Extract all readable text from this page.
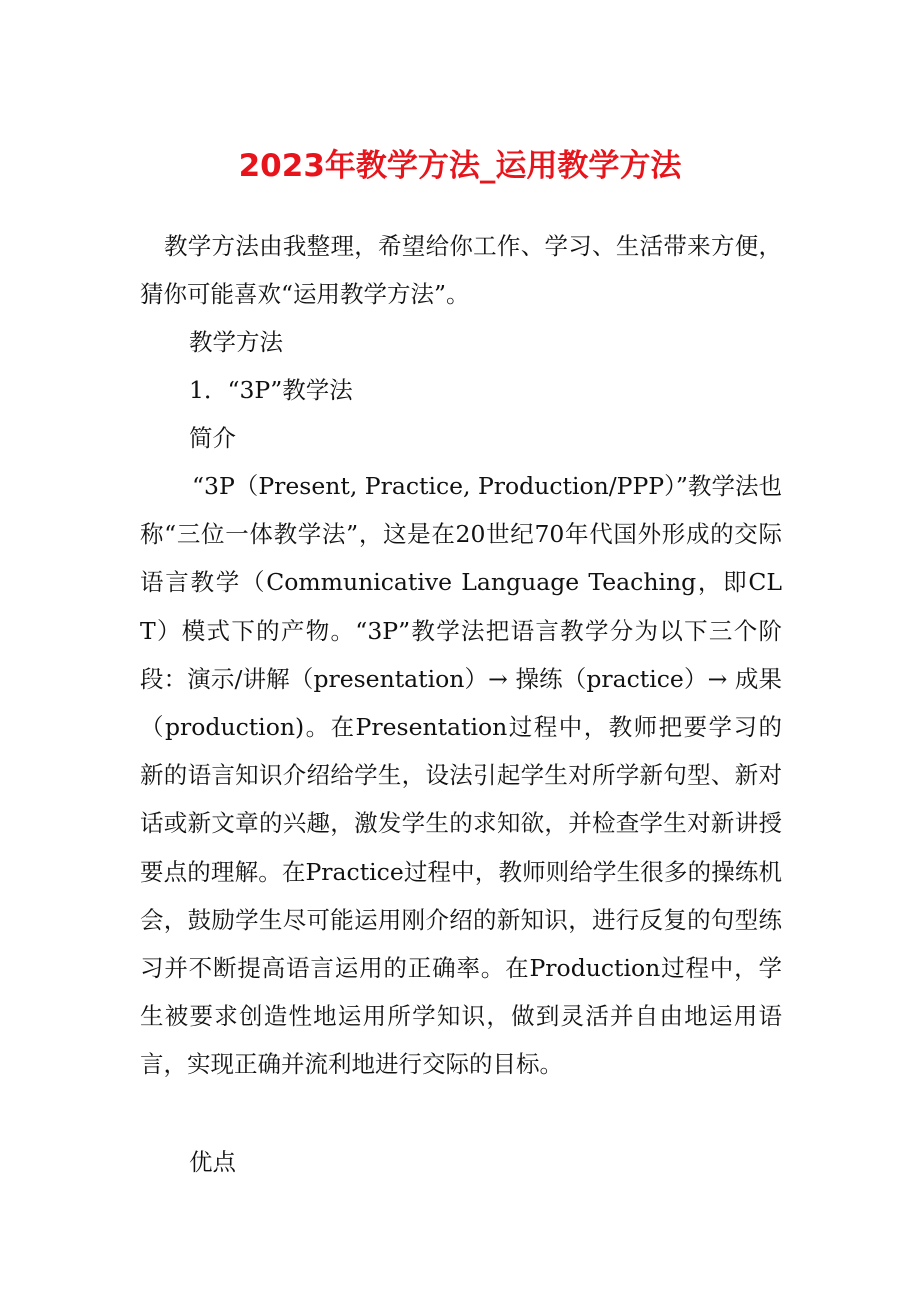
2023年教学方法_运用教学方法

教学方法由我整理，希望给你工作、学习、生活带来方便，猜你可能喜欢“运用教学方法”。

教学方法

1．“3P”教学法

简介

“3P（Present, Practice, Production/PPP）”教学法也称“三位一体教学法”，这是在20世纪70年代国外形成的交际语言教学（Communicative Language Teaching，即CLT）模式下的产物。“3P”教学法把语言教学分为以下三个阶段：演示/讲解（presentation）→ 操练（practice）→ 成果（production)。在Presentation过程中，教师把要学习的新的语言知识介绍给学生，设法引起学生对所学新句型、新对话或新文章的兴趣，激发学生的求知欲，并检查学生对新讲授要点的理解。在Practice过程中，教师则给学生很多的操练机会，鼓励学生尽可能运用刚介绍的新知识，进行反复的句型练习并不断提高语言运用的正确率。在Production过程中，学生被要求创造性地运用所学知识，做到灵活并自由地运用语言，实现正确并流利地进行交际的目标。

优点
